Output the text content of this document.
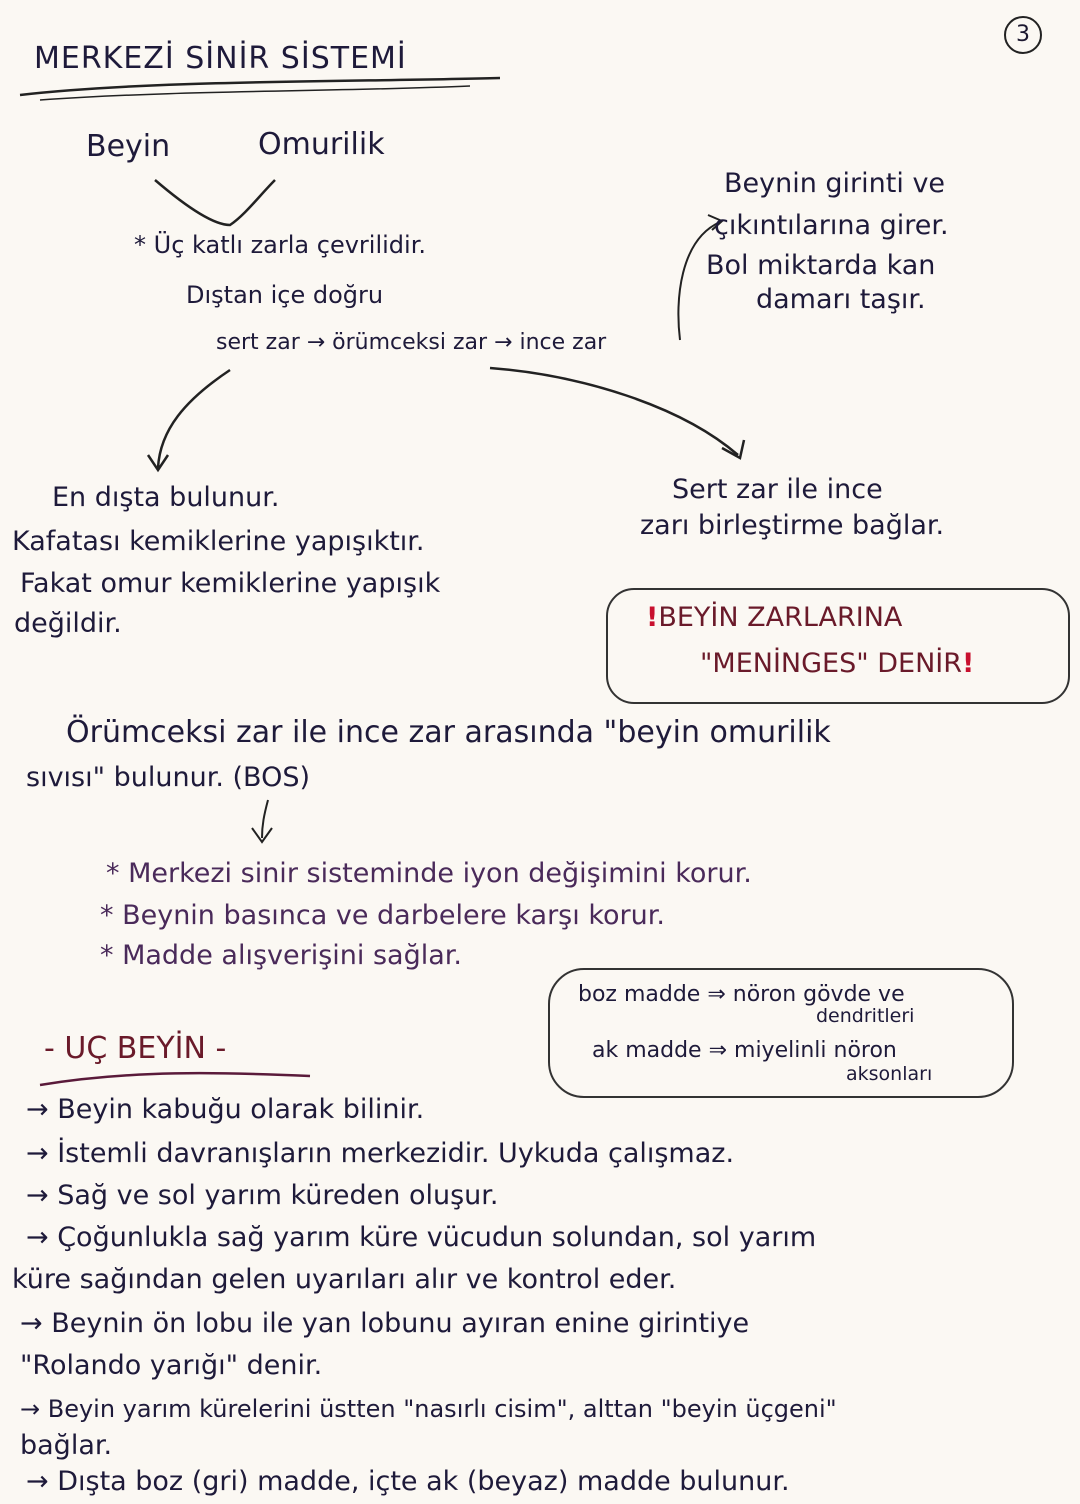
3
MERKEZİ SİNİR SİSTEMİ
Beyin	Omurilik
* Üç katlı zarla çevrilidir.
Dıştan içe doğru
sert zar → örümceksi zar → ince zar
Beynin girinti ve
çıkıntılarına girer.
Bol miktarda kan
damarı taşır.
En dışta bulunur.
Kafatası kemiklerine yapışıktır.
Fakat omur kemiklerine yapışık
değildir.
Sert zar ile ince
zarı birleştirme bağlar.
!BEYİN ZARLARINA
"MENİNGES" DENİR!
Örümceksi zar ile ince zar arasında "beyin omurilik
sıvısı" bulunur. (BOS)
* Merkezi sinir sisteminde iyon değişimini korur.
* Beynin basınca ve darbelere karşı korur.
* Madde alışverişini sağlar.
boz madde ⇒ nöron gövde ve
dendritleri
ak madde ⇒ miyelinli nöron
aksonları
- UÇ BEYİN -
→ Beyin kabuğu olarak bilinir.
→ İstemli davranışların merkezidir. Uykuda çalışmaz.
→ Sağ ve sol yarım küreden oluşur.
→ Çoğunlukla sağ yarım küre vücudun solundan, sol yarım
küre sağından gelen uyarıları alır ve kontrol eder.
→ Beynin ön lobu ile yan lobunu ayıran enine girintiye
"Rolando yarığı" denir.
→ Beyin yarım kürelerini üstten "nasırlı cisim", alttan "beyin üçgeni"
bağlar.
→ Dışta boz (gri) madde, içte ak (beyaz) madde bulunur.
